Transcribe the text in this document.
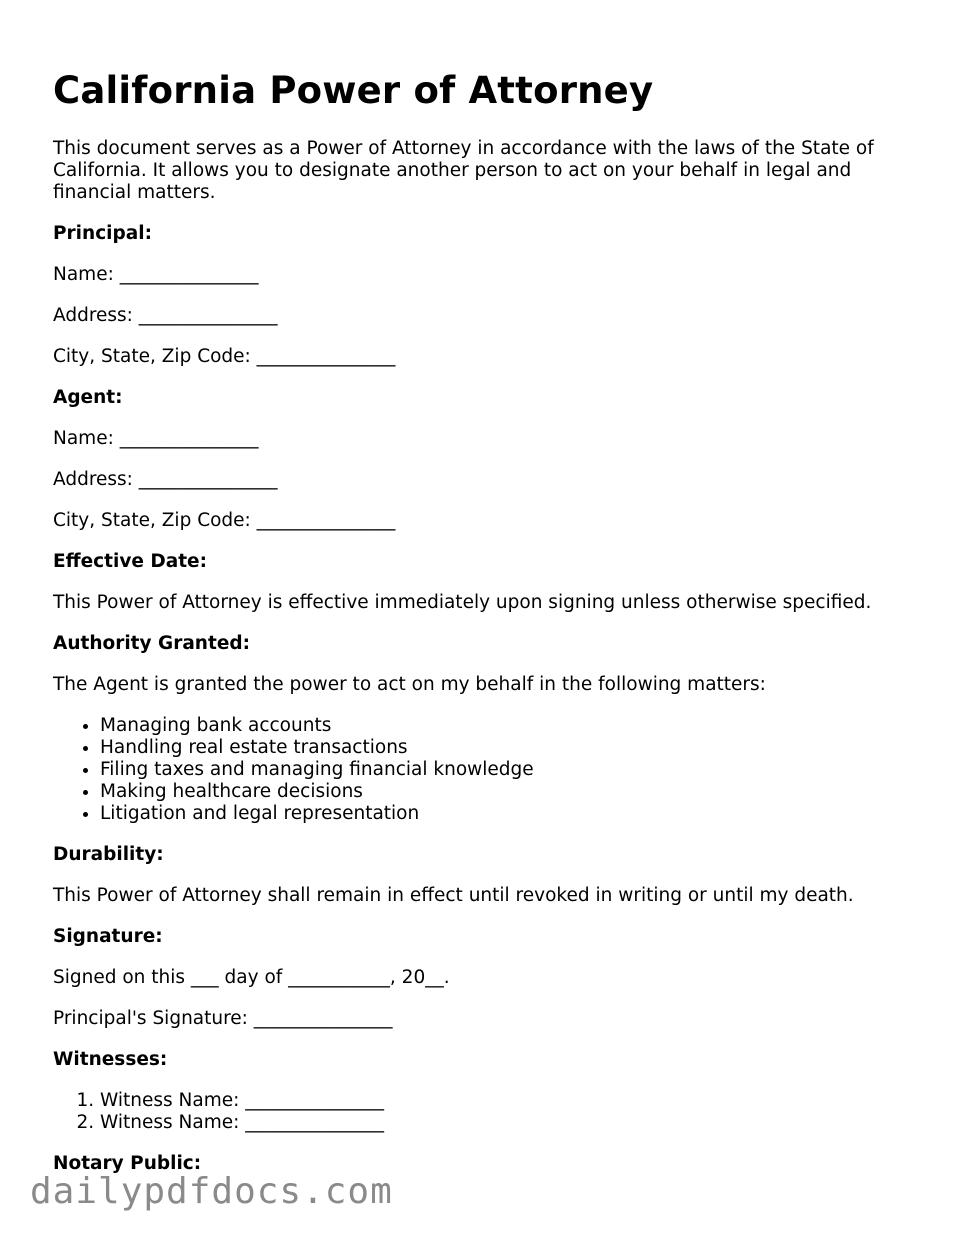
California Power of Attorney

This document serves as a Power of Attorney in accordance with the laws of the State of California. It allows you to designate another person to act on your behalf in legal and financial matters.

Principal:

Name: _______________

Address: _______________

City, State, Zip Code: _______________

Agent:

Name: _______________

Address: _______________

City, State, Zip Code: _______________

Effective Date:

This Power of Attorney is effective immediately upon signing unless otherwise specified.

Authority Granted:

The Agent is granted the power to act on my behalf in the following matters:

• Managing bank accounts
• Handling real estate transactions
• Filing taxes and managing financial knowledge
• Making healthcare decisions
• Litigation and legal representation

Durability:

This Power of Attorney shall remain in effect until revoked in writing or until my death.

Signature:

Signed on this ___ day of ___________, 20__.

Principal's Signature: _______________

Witnesses:

1. Witness Name: _______________
2. Witness Name: _______________

Notary Public:

dailypdfdocs.com
